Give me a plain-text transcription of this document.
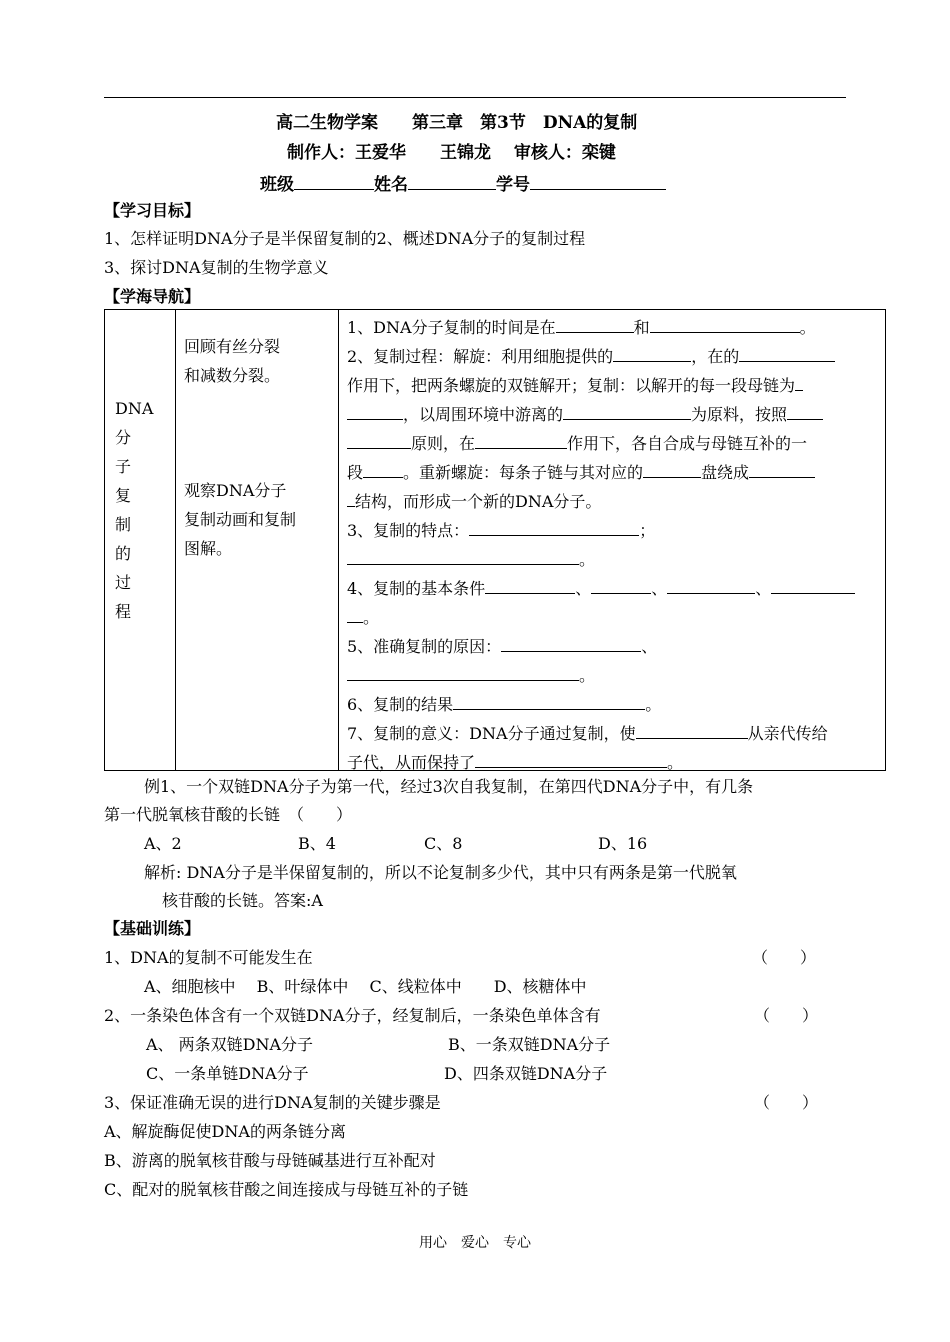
高二生物学案　　第三章　第3节　DNA的复制
制作人：王爱华　　王锦龙　 审核人：栾键
班级	姓名	学号
【学习目标】
1、怎样证明DNA分子是半保留复制的2、概述DNA分子的复制过程
3、探讨DNA复制的生物学意义
【学海导航】
DNA
分
子
复
制
的
过
程

回顾有丝分裂
和减数分裂。
观察DNA分子
复制动画和复制
图解。

1、DNA分子复制的时间是在	和	。
2、复制过程：解旋：利用细胞提供的	，在的
作用下，把两条螺旋的双链解开；复制：以解开的每一段母链为
，以周围环境中游离的	为原料，按照
原则，在	作用下，各自合成与母链互补的一
段	。重新螺旋：每条子链与其对应的	盘绕成
结构，而形成一个新的DNA分子。
3、复制的特点：	；
。
4、复制的基本条件	、	、	、
。
5、准确复制的原因：	、
。
6、复制的结果	。
7、复制的意义：DNA分子通过复制，使	从亲代传给
子代，从而保持了	。
例1、一个双链DNA分子为第一代，经过3次自我复制，在第四代DNA分子中，有几条
第一代脱氧核苷酸的长链　（　　）
A、2	B、4	C、8	D、16
解析: DNA分子是半保留复制的，所以不论复制多少代，其中只有两条是第一代脱氧
核苷酸的长链。答案:A
【基础训练】
1、DNA的复制不可能发生在	（　　）
A、细胞核中　 B、叶绿体中　 C、线粒体中　　D、核糖体中
2、一条染色体含有一个双链DNA分子，经复制后，一条染色单体含有	（　　）
A、 两条双链DNA分子	B、一条双链DNA分子
C、一条单链DNA分子	D、四条双链DNA分子
3、保证准确无误的进行DNA复制的关键步骤是	（　　）
A、解旋酶促使DNA的两条链分离
B、游离的脱氧核苷酸与母链碱基进行互补配对
C、配对的脱氧核苷酸之间连接成与母链互补的子链
用心　爱心　专心
